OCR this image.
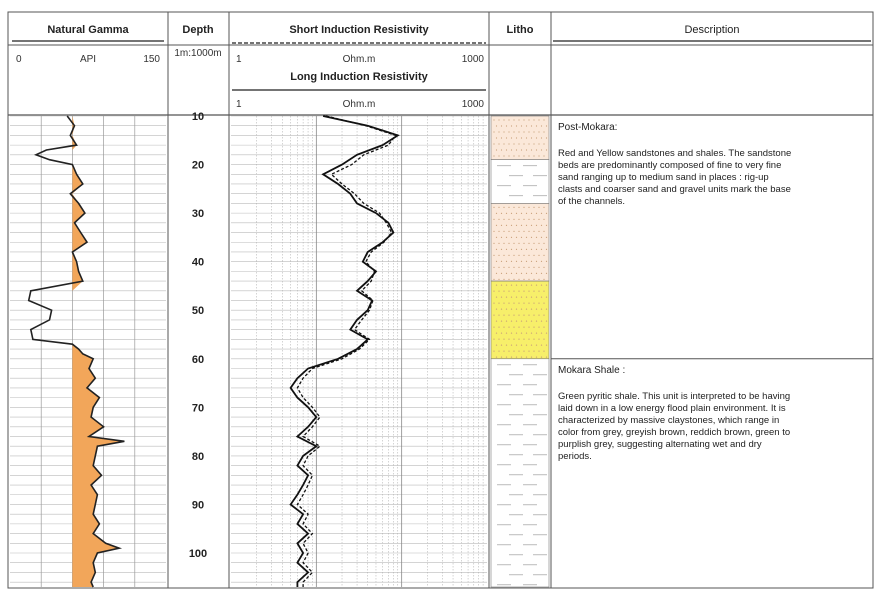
Natural Gamma
0	API	150
Depth
1m:1000m
Short Induction Resistivity
1	Ohm.m	1000
Long Induction Resistivity
1	Ohm.m	1000
Litho	Description
10
20
30
40
50
60
70
80
90
100
Post-Mokara:
Red and Yellow sandstones and shales. The sandstone
beds are predominantly composed of fine to very fine
sand ranging up to medium sand in places : rig-up
clasts and coarser sand and gravel units mark the base
of the channels.
Mokara Shale :
Green pyritic shale. This unit is interpreted to be having
laid down in a low energy flood plain environment. It is
characterized by massive claystones, which range in
color from grey, greyish brown, reddich brown, green to
purplish grey, suggesting alternating wet and dry
periods.
